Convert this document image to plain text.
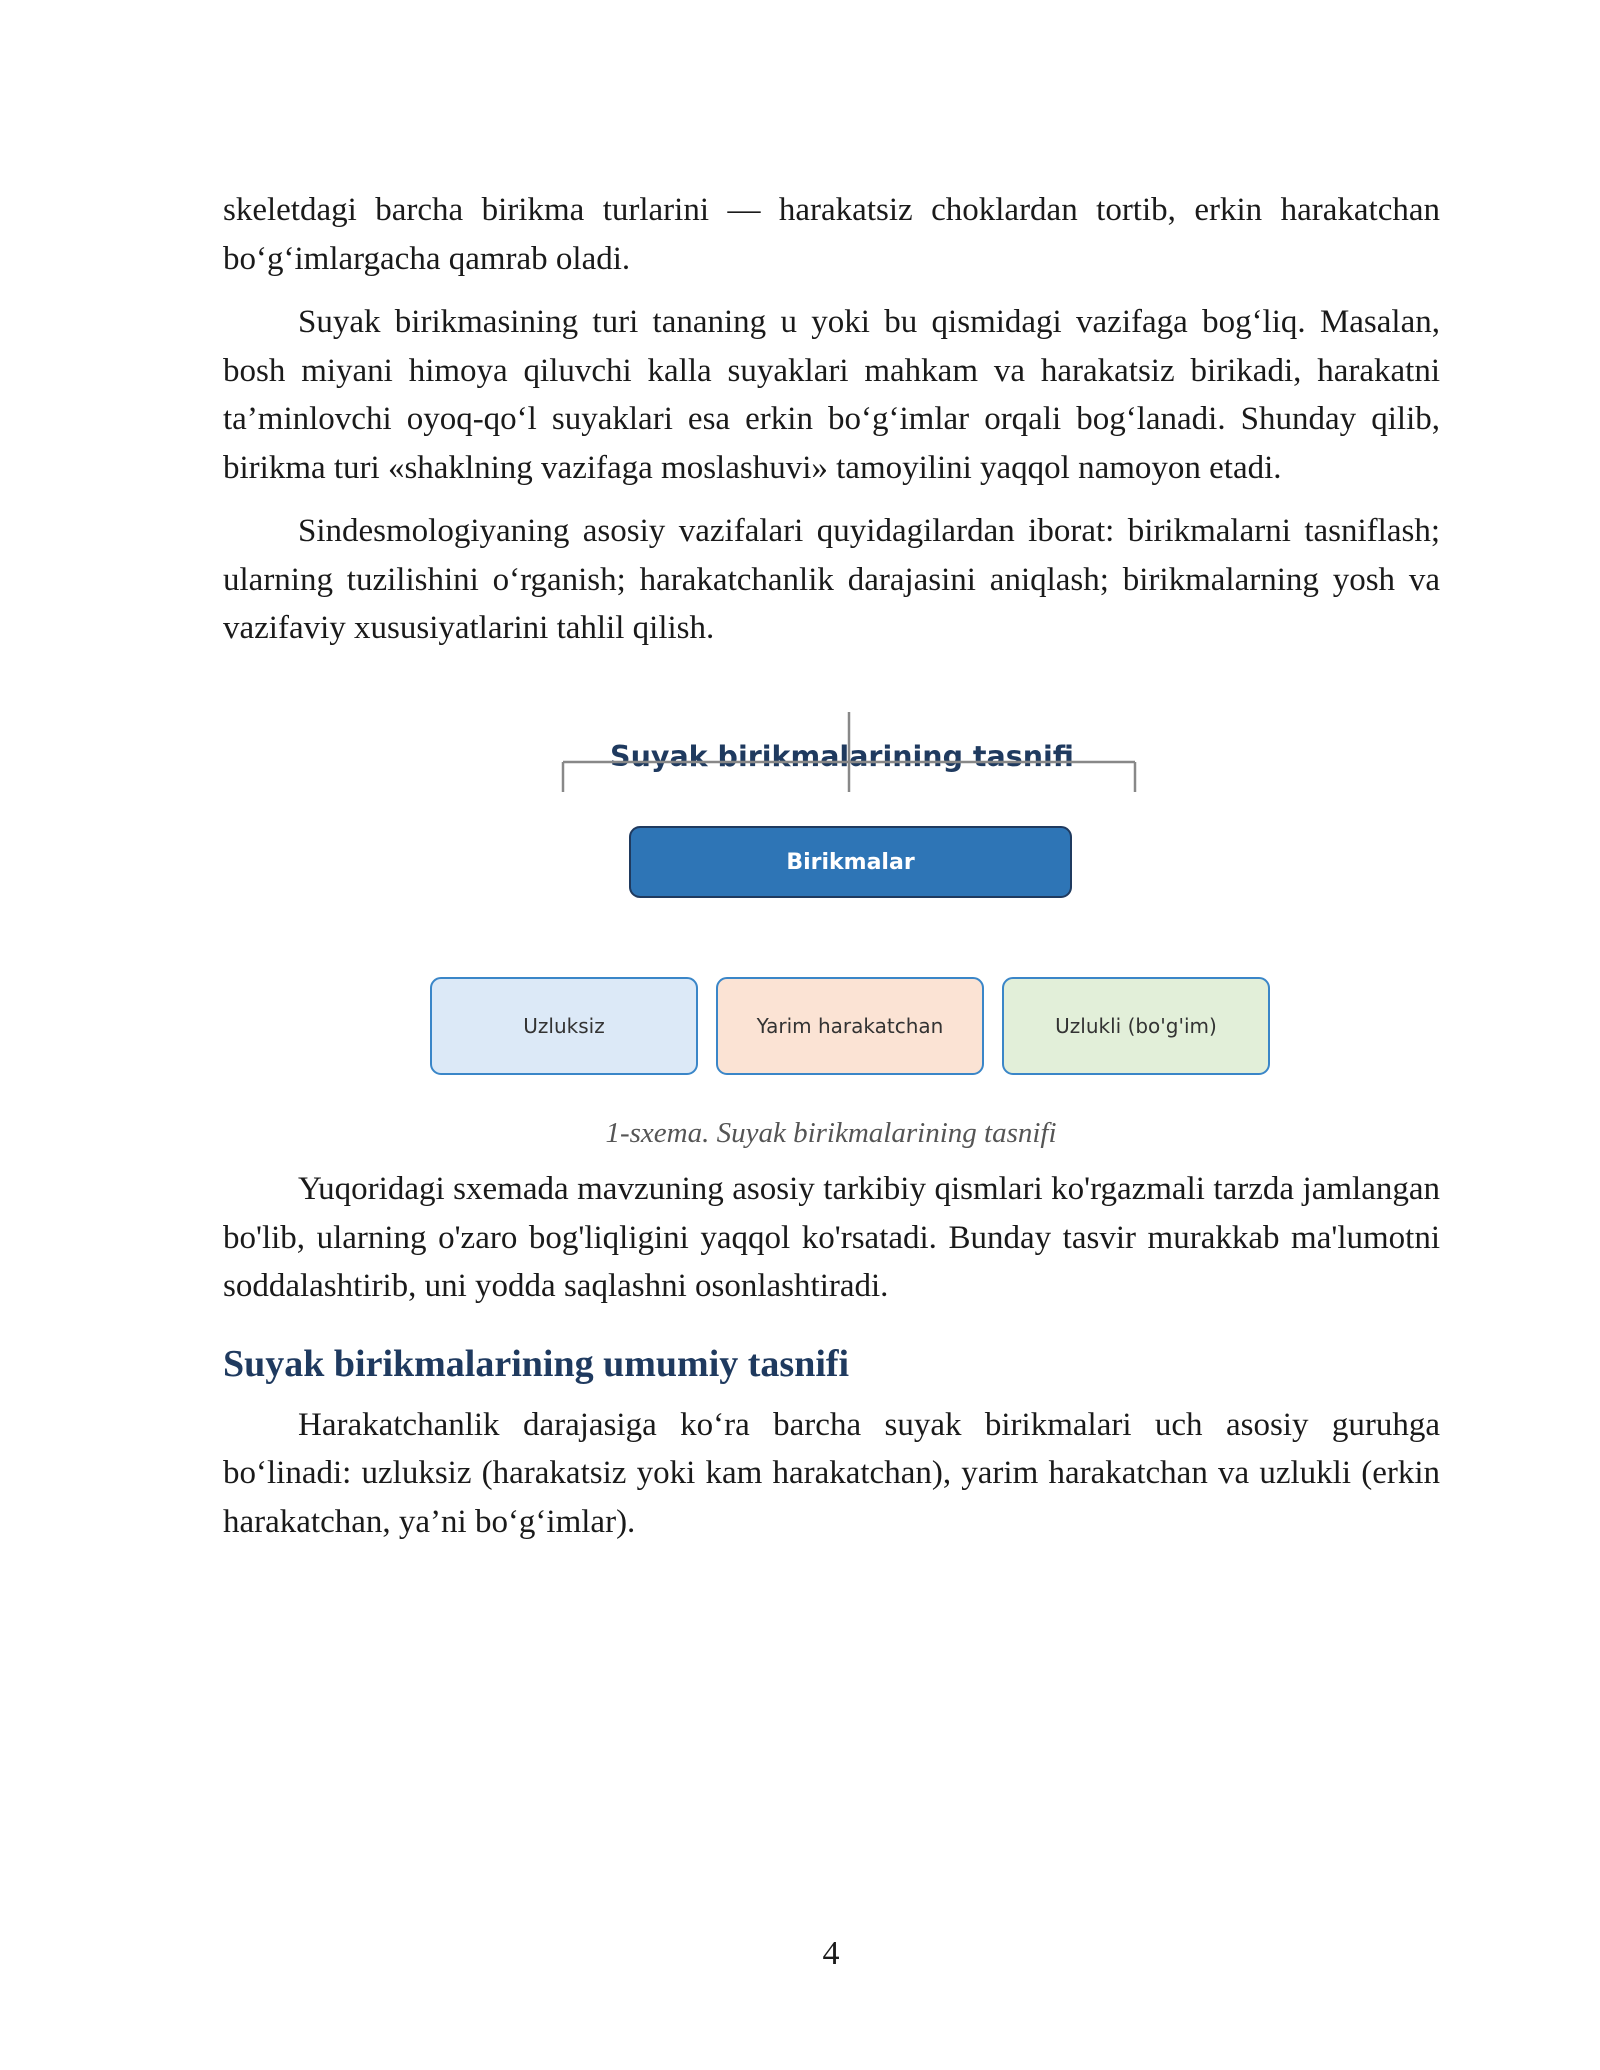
skeletdagi barcha birikma turlarini — harakatsiz choklardan tortib, erkin harakatchan bo‘g‘imlargacha qamrab oladi.

Suyak birikmasining turi tananing u yoki bu qismidagi vazifaga bog‘liq. Masalan, bosh miyani himoya qiluvchi kalla suyaklari mahkam va harakatsiz birikadi, harakatni ta’minlovchi oyoq-qo‘l suyaklari esa erkin bo‘g‘imlar orqali bog‘lanadi. Shunday qilib, birikma turi «shaklning vazifaga moslashuvi» tamoyilini yaqqol namoyon etadi.

Sindesmologiyaning asosiy vazifalari quyidagilardan iborat: birikmalarni tasniflash; ularning tuzilishini o‘rganish; harakatchanlik darajasini aniqlash; birikmalarning yosh va vazifaviy xususiyatlarini tahlil qilish.

Suyak birikmalarining tasnifi
Birikmalar
Uzluksiz	Yarim harakatchan	Uzlukli (bo'g'im)
1-sxema. Suyak birikmalarining tasnifi

Yuqoridagi sxemada mavzuning asosiy tarkibiy qismlari ko'rgazmali tarzda jamlangan bo'lib, ularning o'zaro bog'liqligini yaqqol ko'rsatadi. Bunday tasvir murakkab ma'lumotni soddalashtirib, uni yodda saqlashni osonlashtiradi.

Suyak birikmalarining umumiy tasnifi

Harakatchanlik darajasiga ko‘ra barcha suyak birikmalari uch asosiy guruhga bo‘linadi: uzluksiz (harakatsiz yoki kam harakatchan), yarim harakatchan va uzlukli (erkin harakatchan, ya’ni bo‘g‘imlar).

4
